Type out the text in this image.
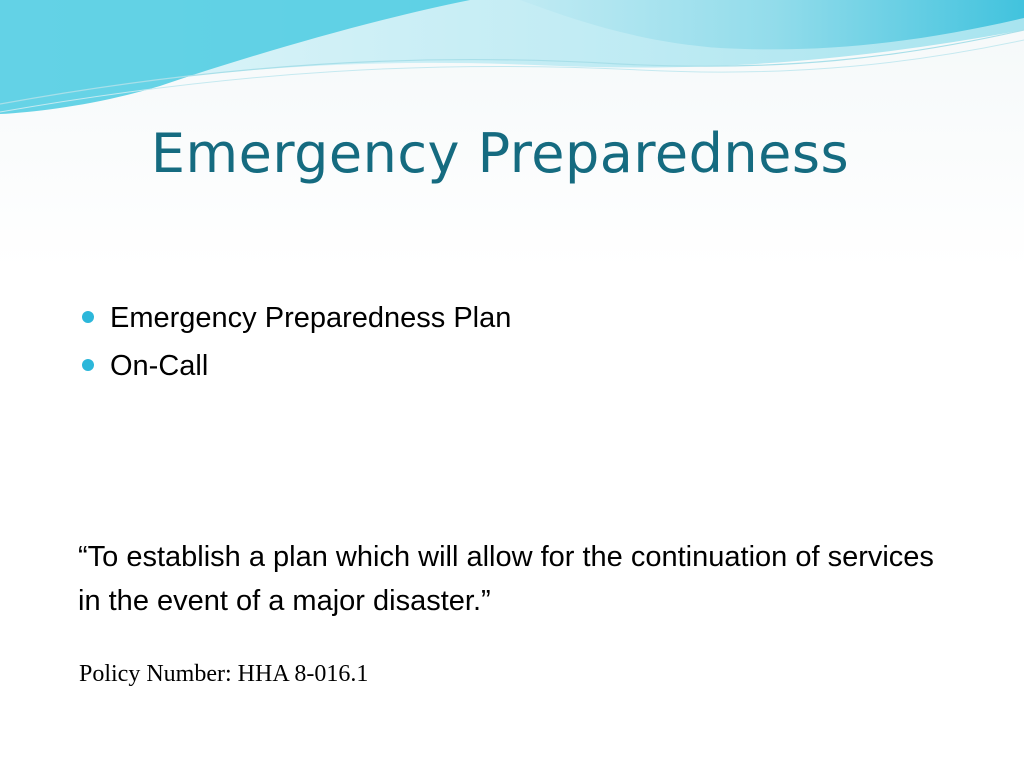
Emergency Preparedness
Emergency Preparedness Plan
On-Call
“To establish a plan which will allow for the continuation of services in the event of a major disaster.”
Policy Number: HHA 8-016.1
